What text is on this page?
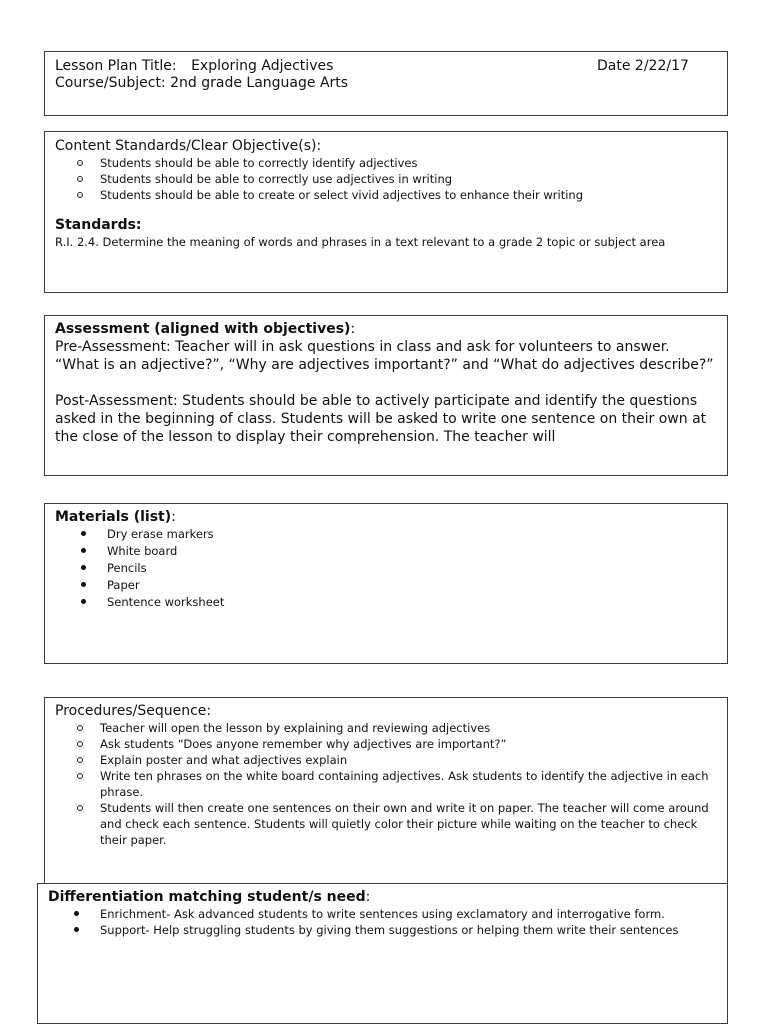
Lesson Plan Title: Exploring Adjectives	Date 2/22/17
Course/Subject: 2nd grade Language Arts
Content Standards/Clear Objective(s):
Students should be able to correctly identify adjectives
Students should be able to correctly use adjectives in writing
Students should be able to create or select vivid adjectives to enhance their writing
Standards:
R.I. 2.4. Determine the meaning of words and phrases in a text relevant to a grade 2 topic or subject area
Assessment (aligned with objectives):
Pre-Assessment: Teacher will in ask questions in class and ask for volunteers to answer. “What is an adjective?”, “Why are adjectives important?” and “What do adjectives describe?”
Post-Assessment: Students should be able to actively participate and identify the questions asked in the beginning of class. Students will be asked to write one sentence on their own at the close of the lesson to display their comprehension. The teacher will
Materials (list):
Dry erase markers
White board
Pencils
Paper
Sentence worksheet
Procedures/Sequence:
Teacher will open the lesson by explaining and reviewing adjectives
Ask students “Does anyone remember why adjectives are important?”
Explain poster and what adjectives explain
Write ten phrases on the white board containing adjectives. Ask students to identify the adjective in each phrase.
Students will then create one sentences on their own and write it on paper. The teacher will come around and check each sentence. Students will quietly color their picture while waiting on the teacher to check their paper.
Differentiation matching student/s need:
Enrichment- Ask advanced students to write sentences using exclamatory and interrogative form.
Support- Help struggling students by giving them suggestions or helping them write their sentences
